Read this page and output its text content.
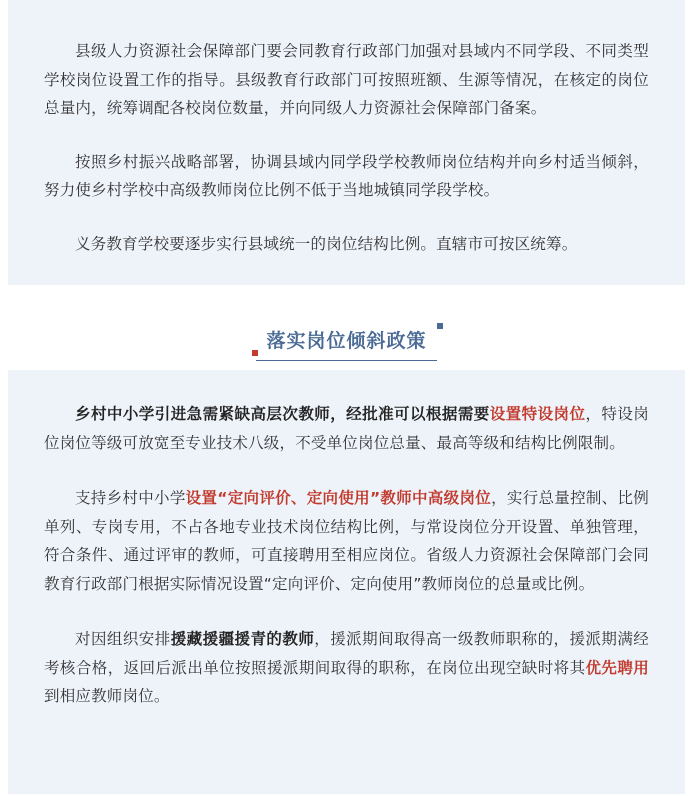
县级人力资源社会保障部门要会同教育行政部门加强对县域内不同学段、不同类型学校岗位设置工作的指导。县级教育行政部门可按照班额、生源等情况，在核定的岗位总量内，统筹调配各校岗位数量，并向同级人力资源社会保障部门备案。

按照乡村振兴战略部署，协调县域内同学段学校教师岗位结构并向乡村适当倾斜，努力使乡村学校中高级教师岗位比例不低于当地城镇同学段学校。

义务教育学校要逐步实行县域统一的岗位结构比例。直辖市可按区统筹。

落实岗位倾斜政策

乡村中小学引进急需紧缺高层次教师，经批准可以根据需要设置特设岗位，特设岗位岗位等级可放宽至专业技术八级，不受单位岗位总量、最高等级和结构比例限制。

支持乡村中小学设置“定向评价、定向使用”教师中高级岗位，实行总量控制、比例单列、专岗专用，不占各地专业技术岗位结构比例，与常设岗位分开设置、单独管理，符合条件、通过评审的教师，可直接聘用至相应岗位。省级人力资源社会保障部门会同教育行政部门根据实际情况设置“定向评价、定向使用”教师岗位的总量或比例。

对因组织安排援藏援疆援青的教师，援派期间取得高一级教师职称的，援派期满经考核合格，返回后派出单位按照援派期间取得的职称，在岗位出现空缺时将其优先聘用到相应教师岗位。
